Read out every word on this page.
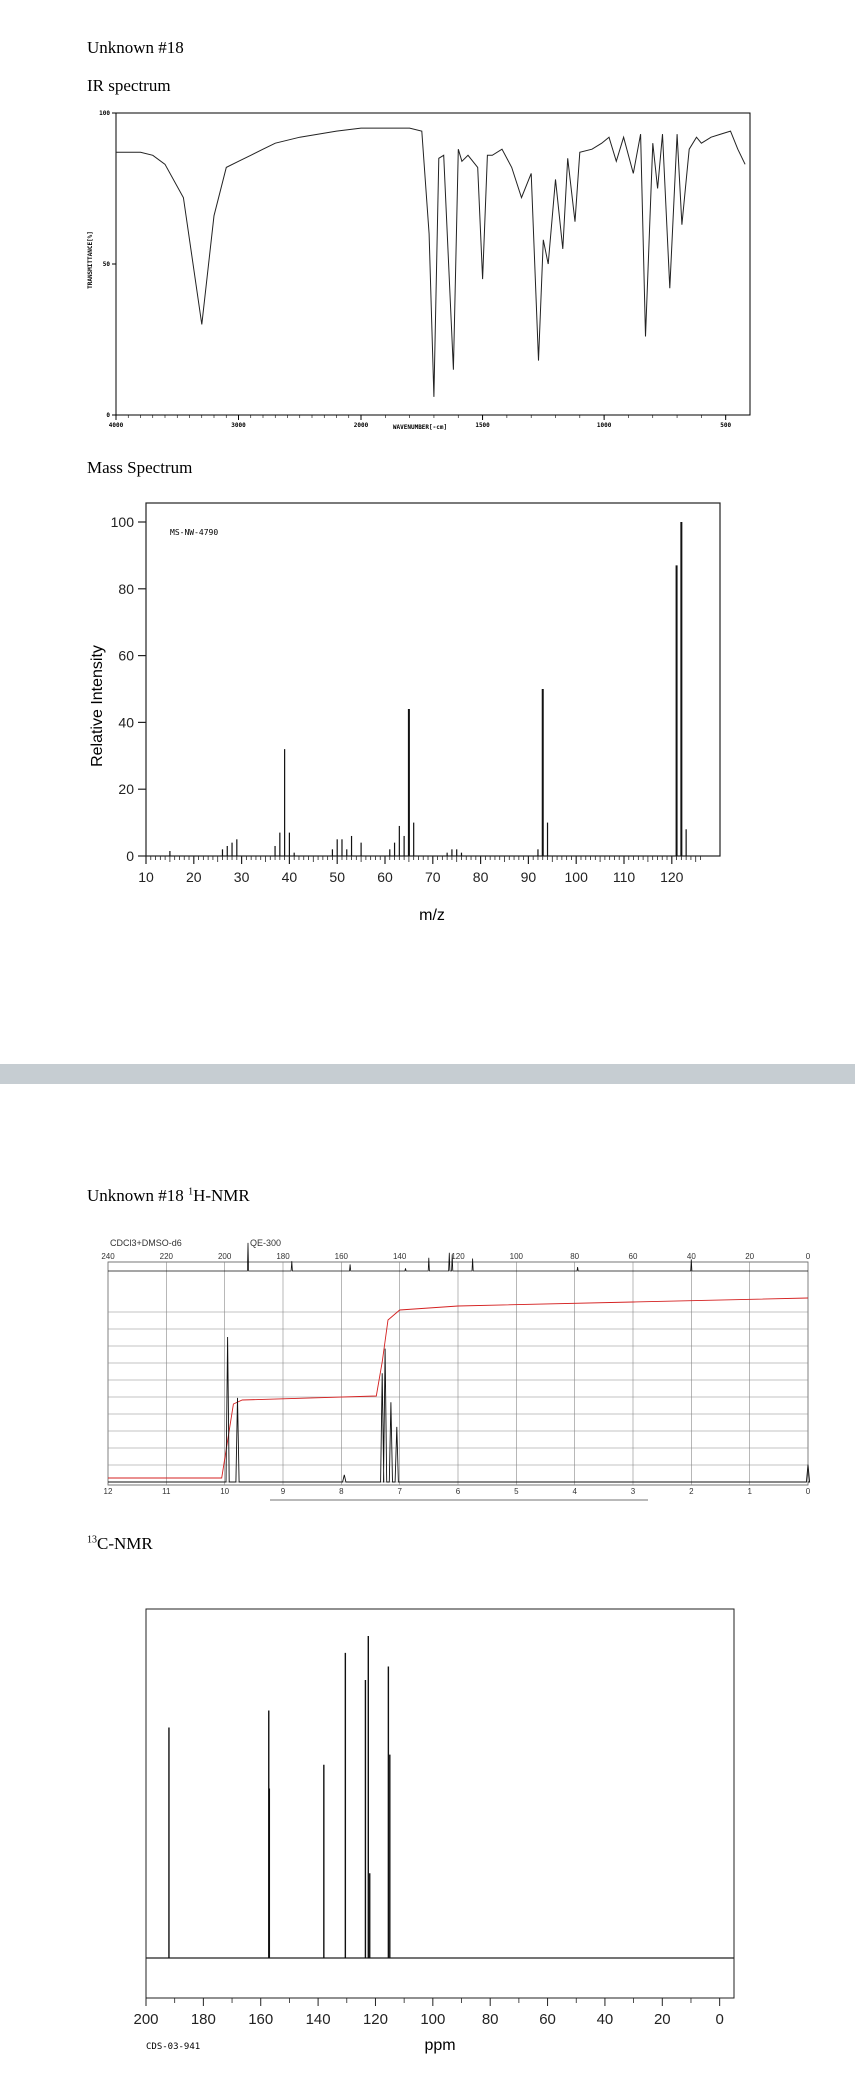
Unknown #18
IR spectrum
TRANSMITTANCE[%]
WAVENUMBER[-cm]
4000	3000	2000	1500	1000	500
0
50
100
Mass Spectrum
MS-NW-4790
Relative Intensity
m/z
10 20 30 40 50 60 70 80 90 100 110 120
0
20
40
60
80
100
Unknown #18 $^1$H-NMR
CDCl3+DMSO-d6	QE-300
240	220	200	180	160	140	120	100	80	60	40	20	0
12	11	10	9	8	7	6	5	4	3	2	1	0
$^{13}$C-NMR
200 180 160 140 120 100 80	60	40	20	0
ppm
CDS-03-941
